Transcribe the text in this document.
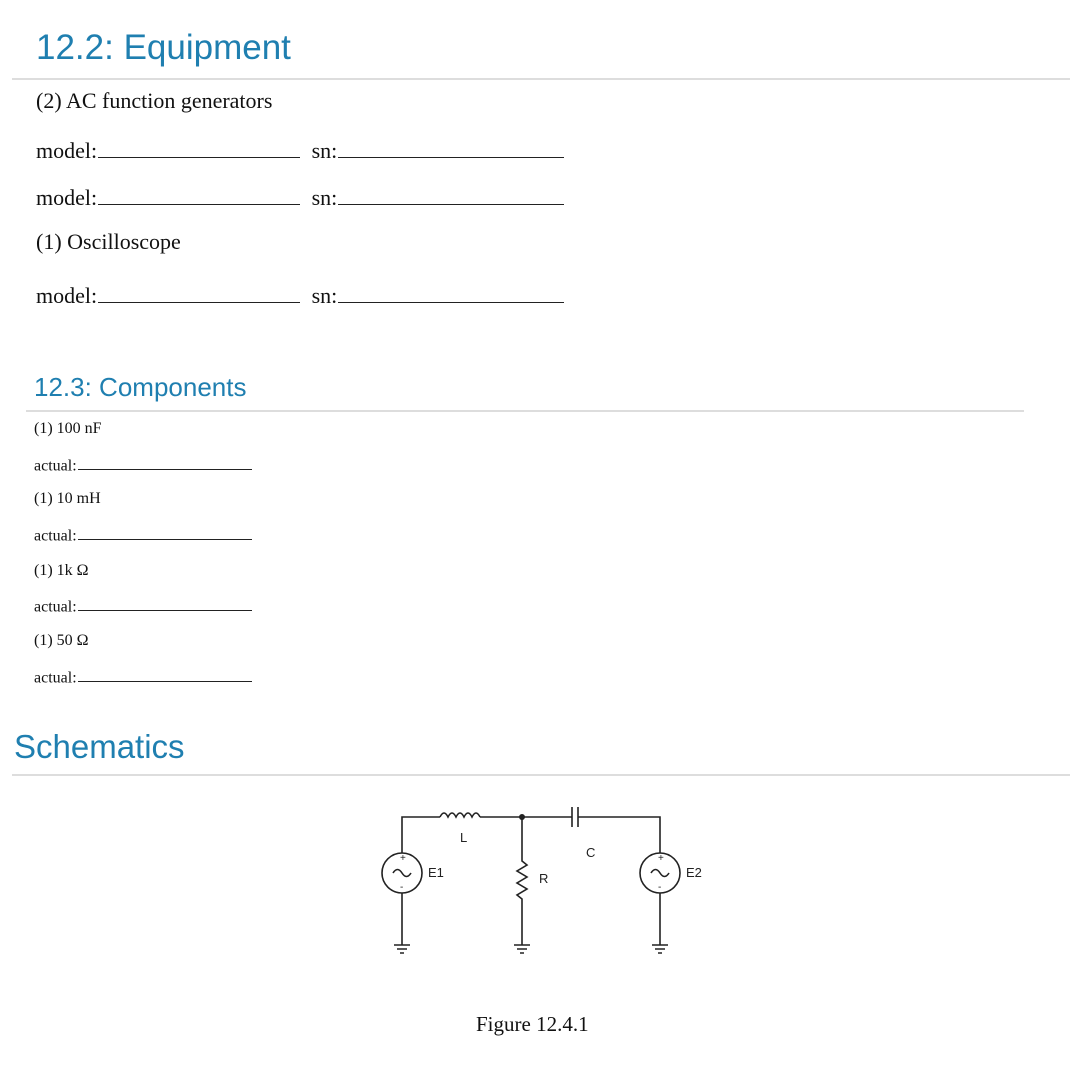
12.2: Equipment
(2) AC function generators
model:	sn:
model:	sn:
(1) Oscilloscope
model:	sn:
12.3: Components
(1) 100 nF
actual:
(1) 10 mH
actual:
(1) 1k Ω
actual:
(1) 50 Ω
actual:
Schematics
+
-
+
-
L
C
R
E1	E2
Figure 12.4.1
